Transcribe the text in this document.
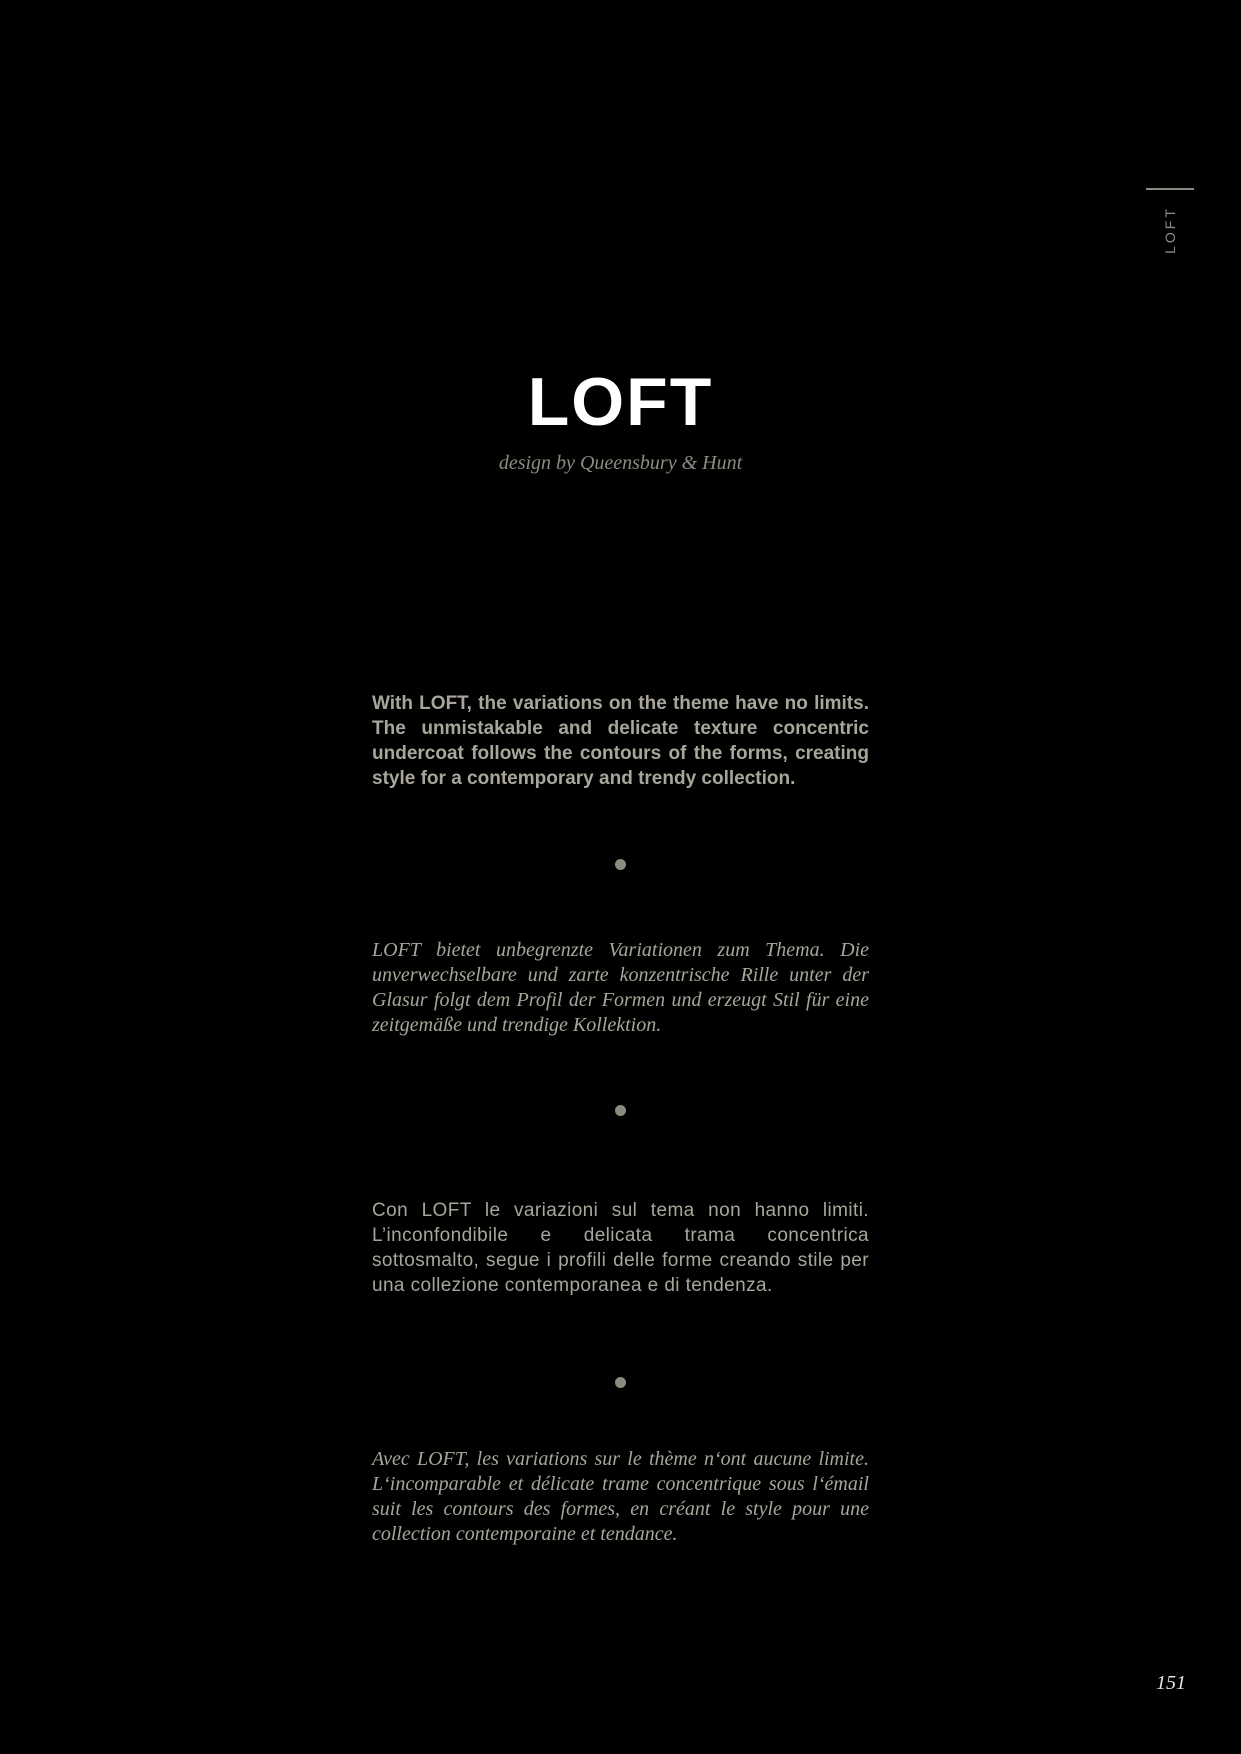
LOFT
LOFT
design by Queensbury & Hunt
With LOFT, the variations on the theme have no limits. The unmistakable and delicate texture concentric undercoat follows the contours of the forms, creating style for a contemporary and trendy collection.
LOFT bietet unbegrenzte Variationen zum Thema. Die unverwechselbare und zarte konzentrische Rille unter der Glasur folgt dem Profil der Formen und erzeugt Stil für eine zeitgemäße und trendige Kollektion.
Con LOFT le variazioni sul tema non hanno limiti. L’inconfondibile e delicata trama concentrica sottosmalto, segue i profili delle forme creando stile per una collezione contemporanea e di tendenza.
Avec LOFT, les variations sur le thème n‘ont aucune limite. L‘incomparable et délicate trame concentrique sous l‘émail suit les contours des formes, en créant le style pour une collection contemporaine et tendance.
151
